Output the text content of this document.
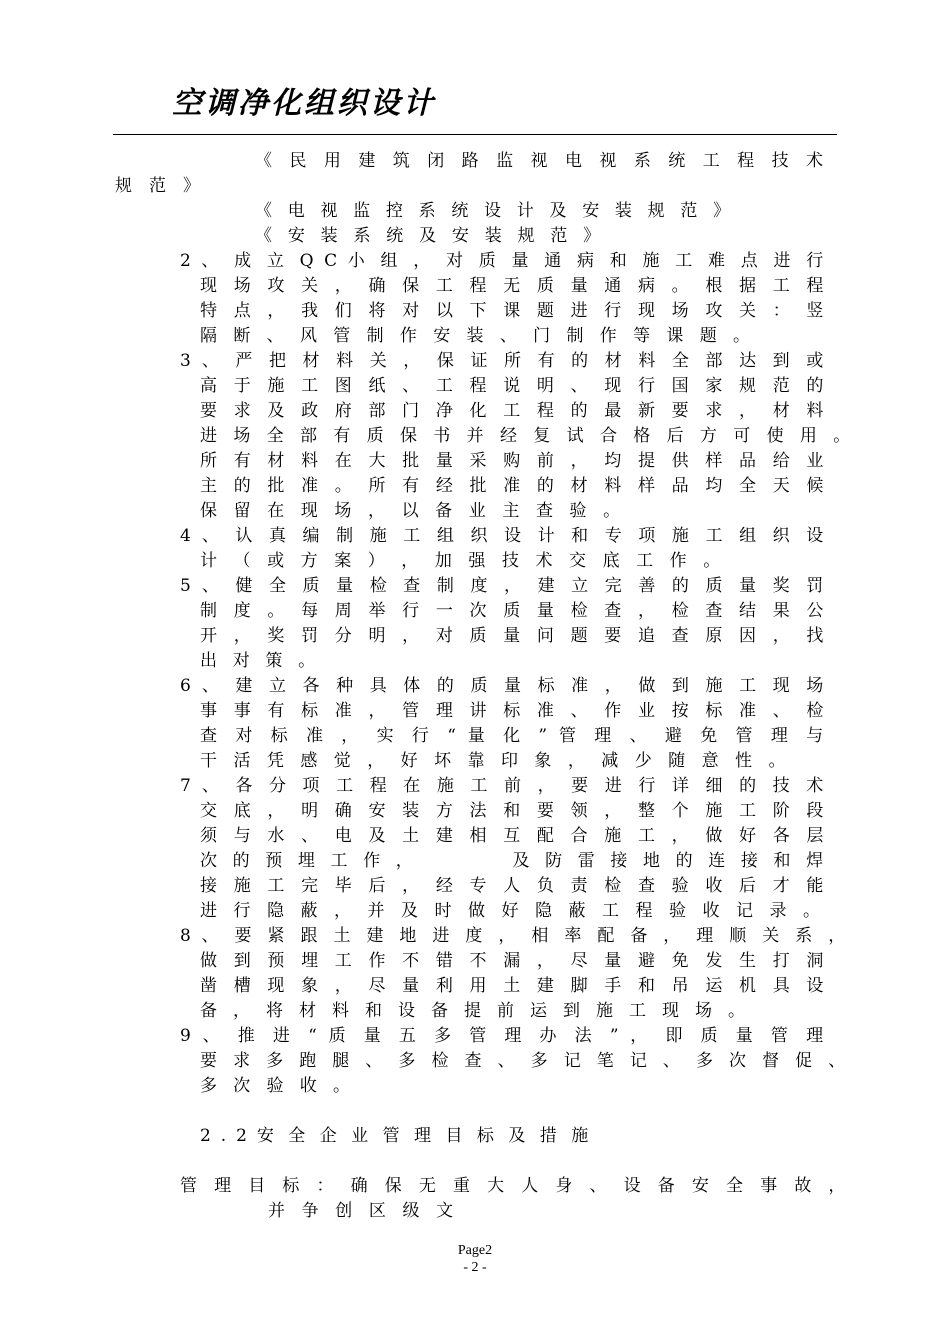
空调净化组织设计
《 民 用 建 筑 闭 路 监 视 电 视 系 统 工 程 技 术
规 范 》
《 电 视 监 控 系 统 设 计 及 安 装 规 范 》
《 安 装 系 统 及 安 装 规 范 》
2 、 成 立 Q C 小 组 ， 对 质 量 通 病 和 施 工 难 点 进 行
现 场 攻 关 ， 确 保 工 程 无 质 量 通 病 。 根 据 工 程
特 点 ， 我 们 将 对 以 下 课 题 进 行 现 场 攻 关 ： 竖
隔 断 、 风 管 制 作 安 装 、 门 制 作 等 课 题 。
3 、 严 把 材 料 关 ， 保 证 所 有 的 材 料 全 部 达 到 或
高 于 施 工 图 纸 、 工 程 说 明 、 现 行 国 家 规 范 的
要 求 及 政 府 部 门 净 化 工 程 的 最 新 要 求 ， 材 料
进 场 全 部 有 质 保 书 并 经 复 试 合 格 后 方 可 使 用 。
所 有 材 料 在 大 批 量 采 购 前 ， 均 提 供 样 品 给 业
主 的 批 准 。 所 有 经 批 准 的 材 料 样 品 均 全 天 候
保 留 在 现 场 ， 以 备 业 主 查 验 。
4 、 认 真 编 制 施 工 组 织 设 计 和 专 项 施 工 组 织 设
计 （ 或 方 案 ） ， 加 强 技 术 交 底 工 作 。
5 、 健 全 质 量 检 查 制 度 ， 建 立 完 善 的 质 量 奖 罚
制 度 。 每 周 举 行 一 次 质 量 检 查 ， 检 查 结 果 公
开 ， 奖 罚 分 明 ， 对 质 量 问 题 要 追 查 原 因 ， 找
出 对 策 。
6 、 建 立 各 种 具 体 的 质 量 标 准 ， 做 到 施 工 现 场
事 事 有 标 准 ， 管 理 讲 标 准 、 作 业 按 标 准 、 检
查 对 标 准 ， 实 行 “ 量 化 ” 管 理 、 避 免 管 理 与
干 活 凭 感 觉 ， 好 坏 靠 印 象 ， 减 少 随 意 性 。
7 、 各 分 项 工 程 在 施 工 前 ， 要 进 行 详 细 的 技 术
交 底 ， 明 确 安 装 方 法 和 要 领 ， 整 个 施 工 阶 段
须 与 水 、 电 及 土 建 相 互 配 合 施 工 ， 做 好 各 层
次 的 预 埋 工 作 ，	及 防 雷 接 地 的 连 接 和 焊
接 施 工 完 毕 后 ， 经 专 人 负 责 检 查 验 收 后 才 能
进 行 隐 蔽 ， 并 及 时 做 好 隐 蔽 工 程 验 收 记 录 。
8 、 要 紧 跟 土 建 地 进 度 ， 相 率 配 备 ， 理 顺 关 系 ，
做 到 预 埋 工 作 不 错 不 漏 ， 尽 量 避 免 发 生 打 洞
凿 槽 现 象 ， 尽 量 利 用 土 建 脚 手 和 吊 运 机 具 设
备 ， 将 材 料 和 设 备 提 前 运 到 施 工 现 场 。
9 、 推 进 “ 质 量 五 多 管 理 办 法 ” ， 即 质 量 管 理
要 求 多 跑 腿 、 多 检 查 、 多 记 笔 记 、 多 次 督 促 、
多 次 验 收 。
2 . 2 安 全 企 业 管 理 目 标 及 措 施
管 理 目 标 ： 确 保 无 重 大 人 身 、 设 备 安 全 事 故 ，
并 争 创 区 级 文
Page2
- 2 -
